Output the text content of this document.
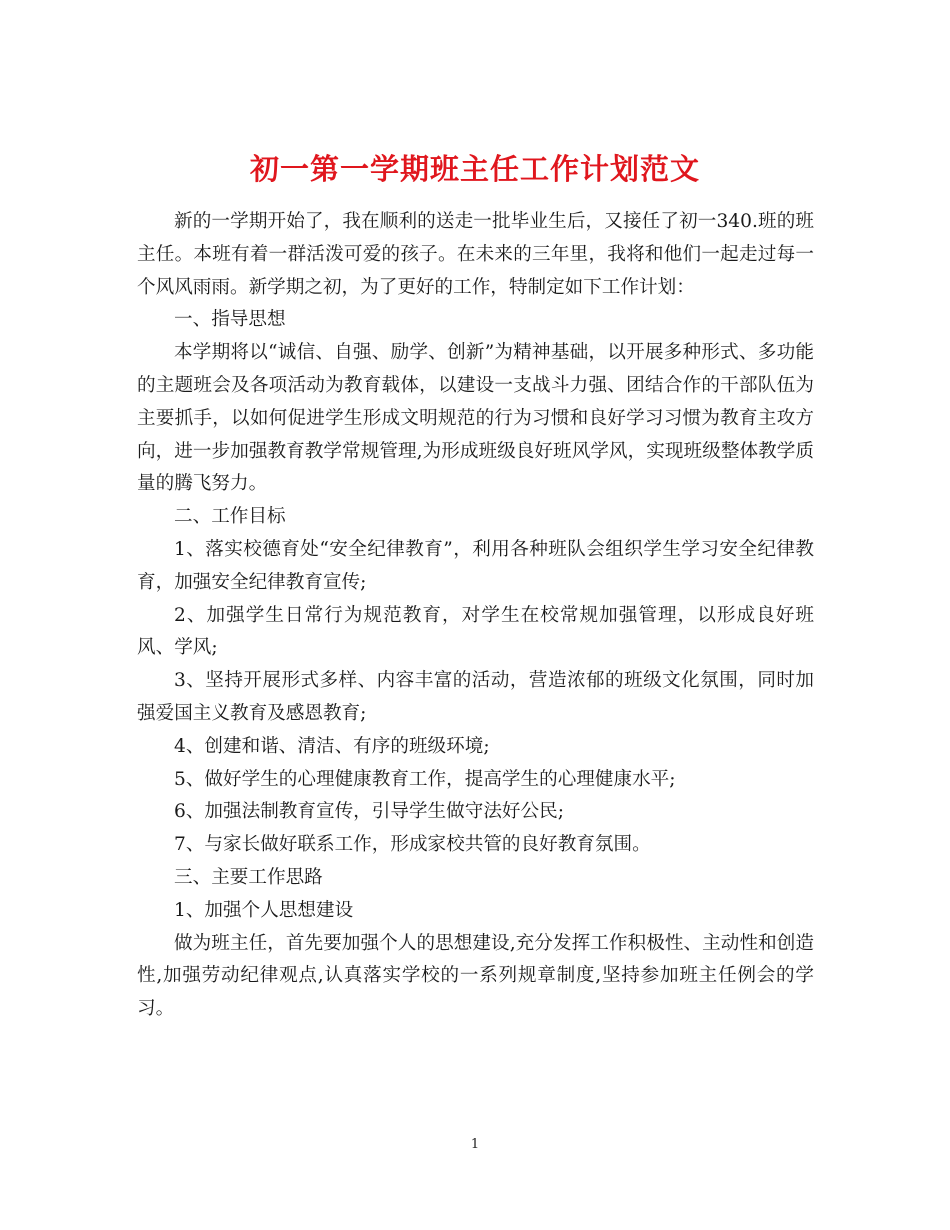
初一第一学期班主任工作计划范文

新的一学期开始了，我在顺利的送走一批毕业生后，又接任了初一340.班的班主任。本班有着一群活泼可爱的孩子。在未来的三年里，我将和他们一起走过每一个风风雨雨。新学期之初，为了更好的工作，特制定如下工作计划：

一、指导思想

本学期将以“诚信、自强、励学、创新”为精神基础，以开展多种形式、多功能的主题班会及各项活动为教育载体，以建设一支战斗力强、团结合作的干部队伍为主要抓手，以如何促进学生形成文明规范的行为习惯和良好学习习惯为教育主攻方向，进一步加强教育教学常规管理,为形成班级良好班风学风，实现班级整体教学质量的腾飞努力。

二、工作目标

1、落实校德育处“安全纪律教育”，利用各种班队会组织学生学习安全纪律教育，加强安全纪律教育宣传;

2、加强学生日常行为规范教育，对学生在校常规加强管理，以形成良好班风、学风;

3、坚持开展形式多样、内容丰富的活动，营造浓郁的班级文化氛围，同时加强爱国主义教育及感恩教育;

4、创建和谐、清洁、有序的班级环境;

5、做好学生的心理健康教育工作，提高学生的心理健康水平;

6、加强法制教育宣传，引导学生做守法好公民;

7、与家长做好联系工作，形成家校共管的良好教育氛围。

三、主要工作思路

1、加强个人思想建设

做为班主任，首先要加强个人的思想建设,充分发挥工作积极性、主动性和创造性,加强劳动纪律观点,认真落实学校的一系列规章制度,坚持参加班主任例会的学习。

1
